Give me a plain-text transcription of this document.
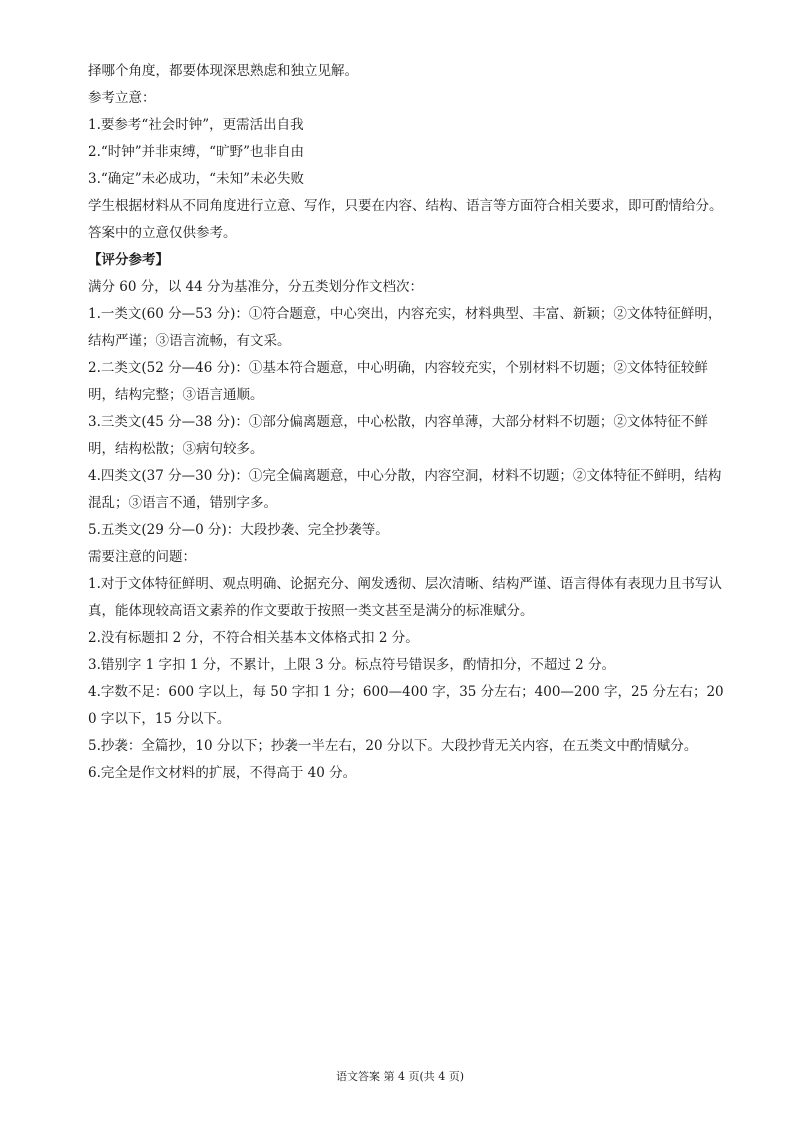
择哪个角度，都要体现深思熟虑和独立见解。

参考立意：

1.要参考“社会时钟”，更需活出自我

2.“时钟”并非束缚，“旷野”也非自由

3.“确定”未必成功，“未知”未必失败

学生根据材料从不同角度进行立意、写作，只要在内容、结构、语言等方面符合相关要求，即可酌情给分。答案中的立意仅供参考。

【评分参考】

满分 60 分，以 44 分为基准分，分五类划分作文档次：

1.一类文(60 分—53 分)：①符合题意，中心突出，内容充实，材料典型、丰富、新颖；②文体特征鲜明，结构严谨；③语言流畅，有文采。

2.二类文(52 分—46 分)：①基本符合题意，中心明确，内容较充实，个别材料不切题；②文体特征较鲜明，结构完整；③语言通顺。

3.三类文(45 分—38 分)：①部分偏离题意，中心松散，内容单薄，大部分材料不切题；②文体特征不鲜明，结构松散；③病句较多。

4.四类文(37 分—30 分)：①完全偏离题意，中心分散，内容空洞，材料不切题；②文体特征不鲜明，结构混乱；③语言不通，错别字多。

5.五类文(29 分—0 分)：大段抄袭、完全抄袭等。

需要注意的问题：

1.对于文体特征鲜明、观点明确、论据充分、阐发透彻、层次清晰、结构严谨、语言得体有表现力且书写认真，能体现较高语文素养的作文要敢于按照一类文甚至是满分的标准赋分。

2.没有标题扣 2 分，不符合相关基本文体格式扣 2 分。

3.错别字 1 字扣 1 分，不累计，上限 3 分。标点符号错误多，酌情扣分，不超过 2 分。

4.字数不足：600 字以上，每 50 字扣 1 分；600—400 字，35 分左右；400—200 字，25 分左右；200 字以下，15 分以下。

5.抄袭：全篇抄，10 分以下；抄袭一半左右，20 分以下。大段抄背无关内容，在五类文中酌情赋分。

6.完全是作文材料的扩展，不得高于 40 分。

语文答案 第 4 页(共 4 页)
